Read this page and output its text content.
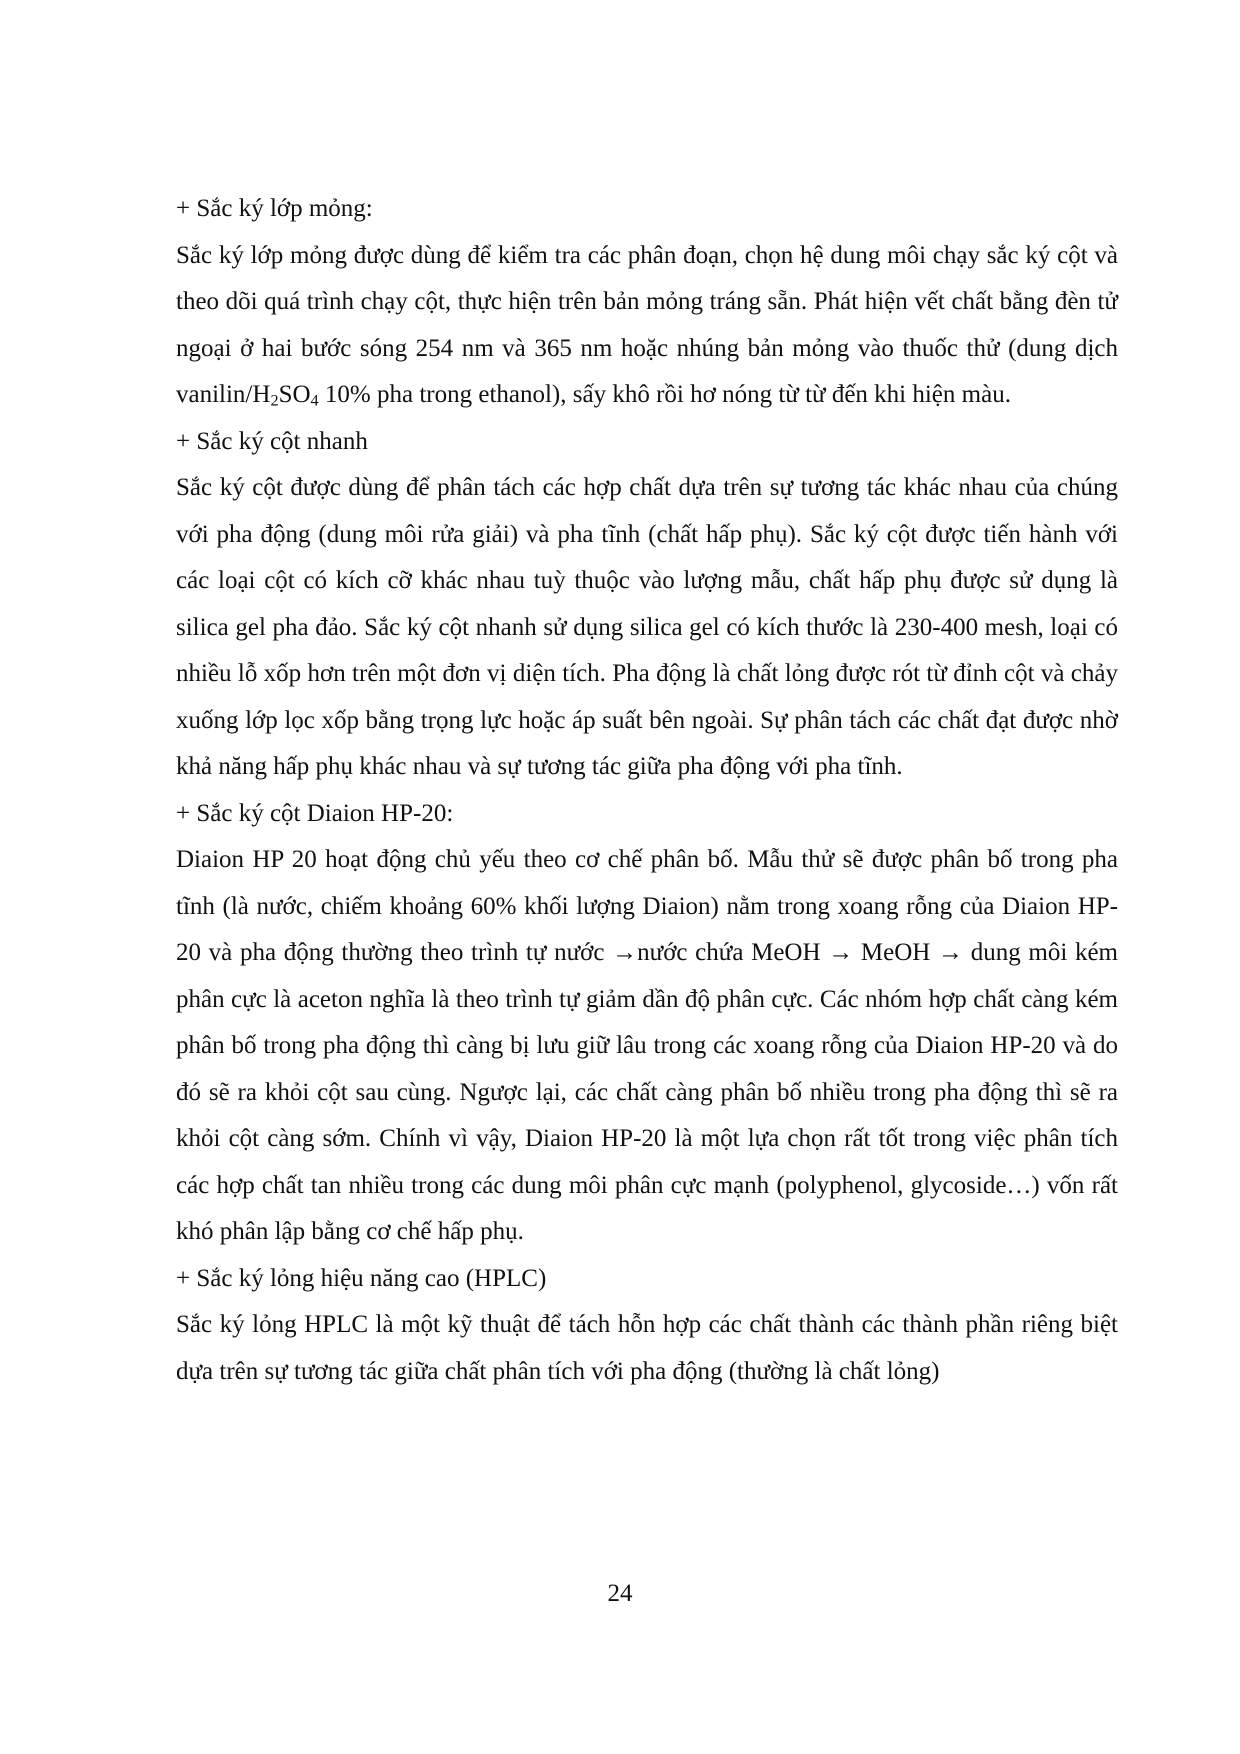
+ Sắc ký lớp mỏng:

Sắc ký lớp mỏng được dùng để kiểm tra các phân đoạn, chọn hệ dung môi chạy sắc ký cột và theo dõi quá trình chạy cột, thực hiện trên bản mỏng tráng sẵn. Phát hiện vết chất bằng đèn tử ngoại ở hai bước sóng 254 nm và 365 nm hoặc nhúng bản mỏng vào thuốc thử (dung dịch vanilin/$H_2SO_4$ 10% pha trong ethanol), sấy khô rồi hơ nóng từ từ đến khi hiện màu.

+ Sắc ký cột nhanh

Sắc ký cột được dùng để phân tách các hợp chất dựa trên sự tương tác khác nhau của chúng với pha động (dung môi rửa giải) và pha tĩnh (chất hấp phụ). Sắc ký cột được tiến hành với các loại cột có kích cỡ khác nhau tuỳ thuộc vào lượng mẫu, chất hấp phụ được sử dụng là silica gel pha đảo. Sắc ký cột nhanh sử dụng silica gel có kích thước là 230-400 mesh, loại có nhiều lỗ xốp hơn trên một đơn vị diện tích. Pha động là chất lỏng được rót từ đỉnh cột và chảy xuống lớp lọc xốp bằng trọng lực hoặc áp suất bên ngoài. Sự phân tách các chất đạt được nhờ khả năng hấp phụ khác nhau và sự tương tác giữa pha động với pha tĩnh.

+ Sắc ký cột Diaion HP-20:

Diaion HP 20 hoạt động chủ yếu theo cơ chế phân bố. Mẫu thử sẽ được phân bố trong pha tĩnh (là nước, chiếm khoảng 60% khối lượng Diaion) nằm trong xoang rỗng của Diaion HP-20 và pha động thường theo trình tự nước →nước chứa MeOH → MeOH → dung môi kém phân cực là aceton nghĩa là theo trình tự giảm dần độ phân cực. Các nhóm hợp chất càng kém phân bố trong pha động thì càng bị lưu giữ lâu trong các xoang rỗng của Diaion HP-20 và do đó sẽ ra khỏi cột sau cùng. Ngược lại, các chất càng phân bố nhiều trong pha động thì sẽ ra khỏi cột càng sớm. Chính vì vậy, Diaion HP-20 là một lựa chọn rất tốt trong việc phân tích các hợp chất tan nhiều trong các dung môi phân cực mạnh (polyphenol, glycoside…) vốn rất khó phân lập bằng cơ chế hấp phụ.

+ Sắc ký lỏng hiệu năng cao (HPLC)

Sắc ký lỏng HPLC là một kỹ thuật để tách hỗn hợp các chất thành các thành phần riêng biệt dựa trên sự tương tác giữa chất phân tích với pha động (thường là chất lỏng)

24
